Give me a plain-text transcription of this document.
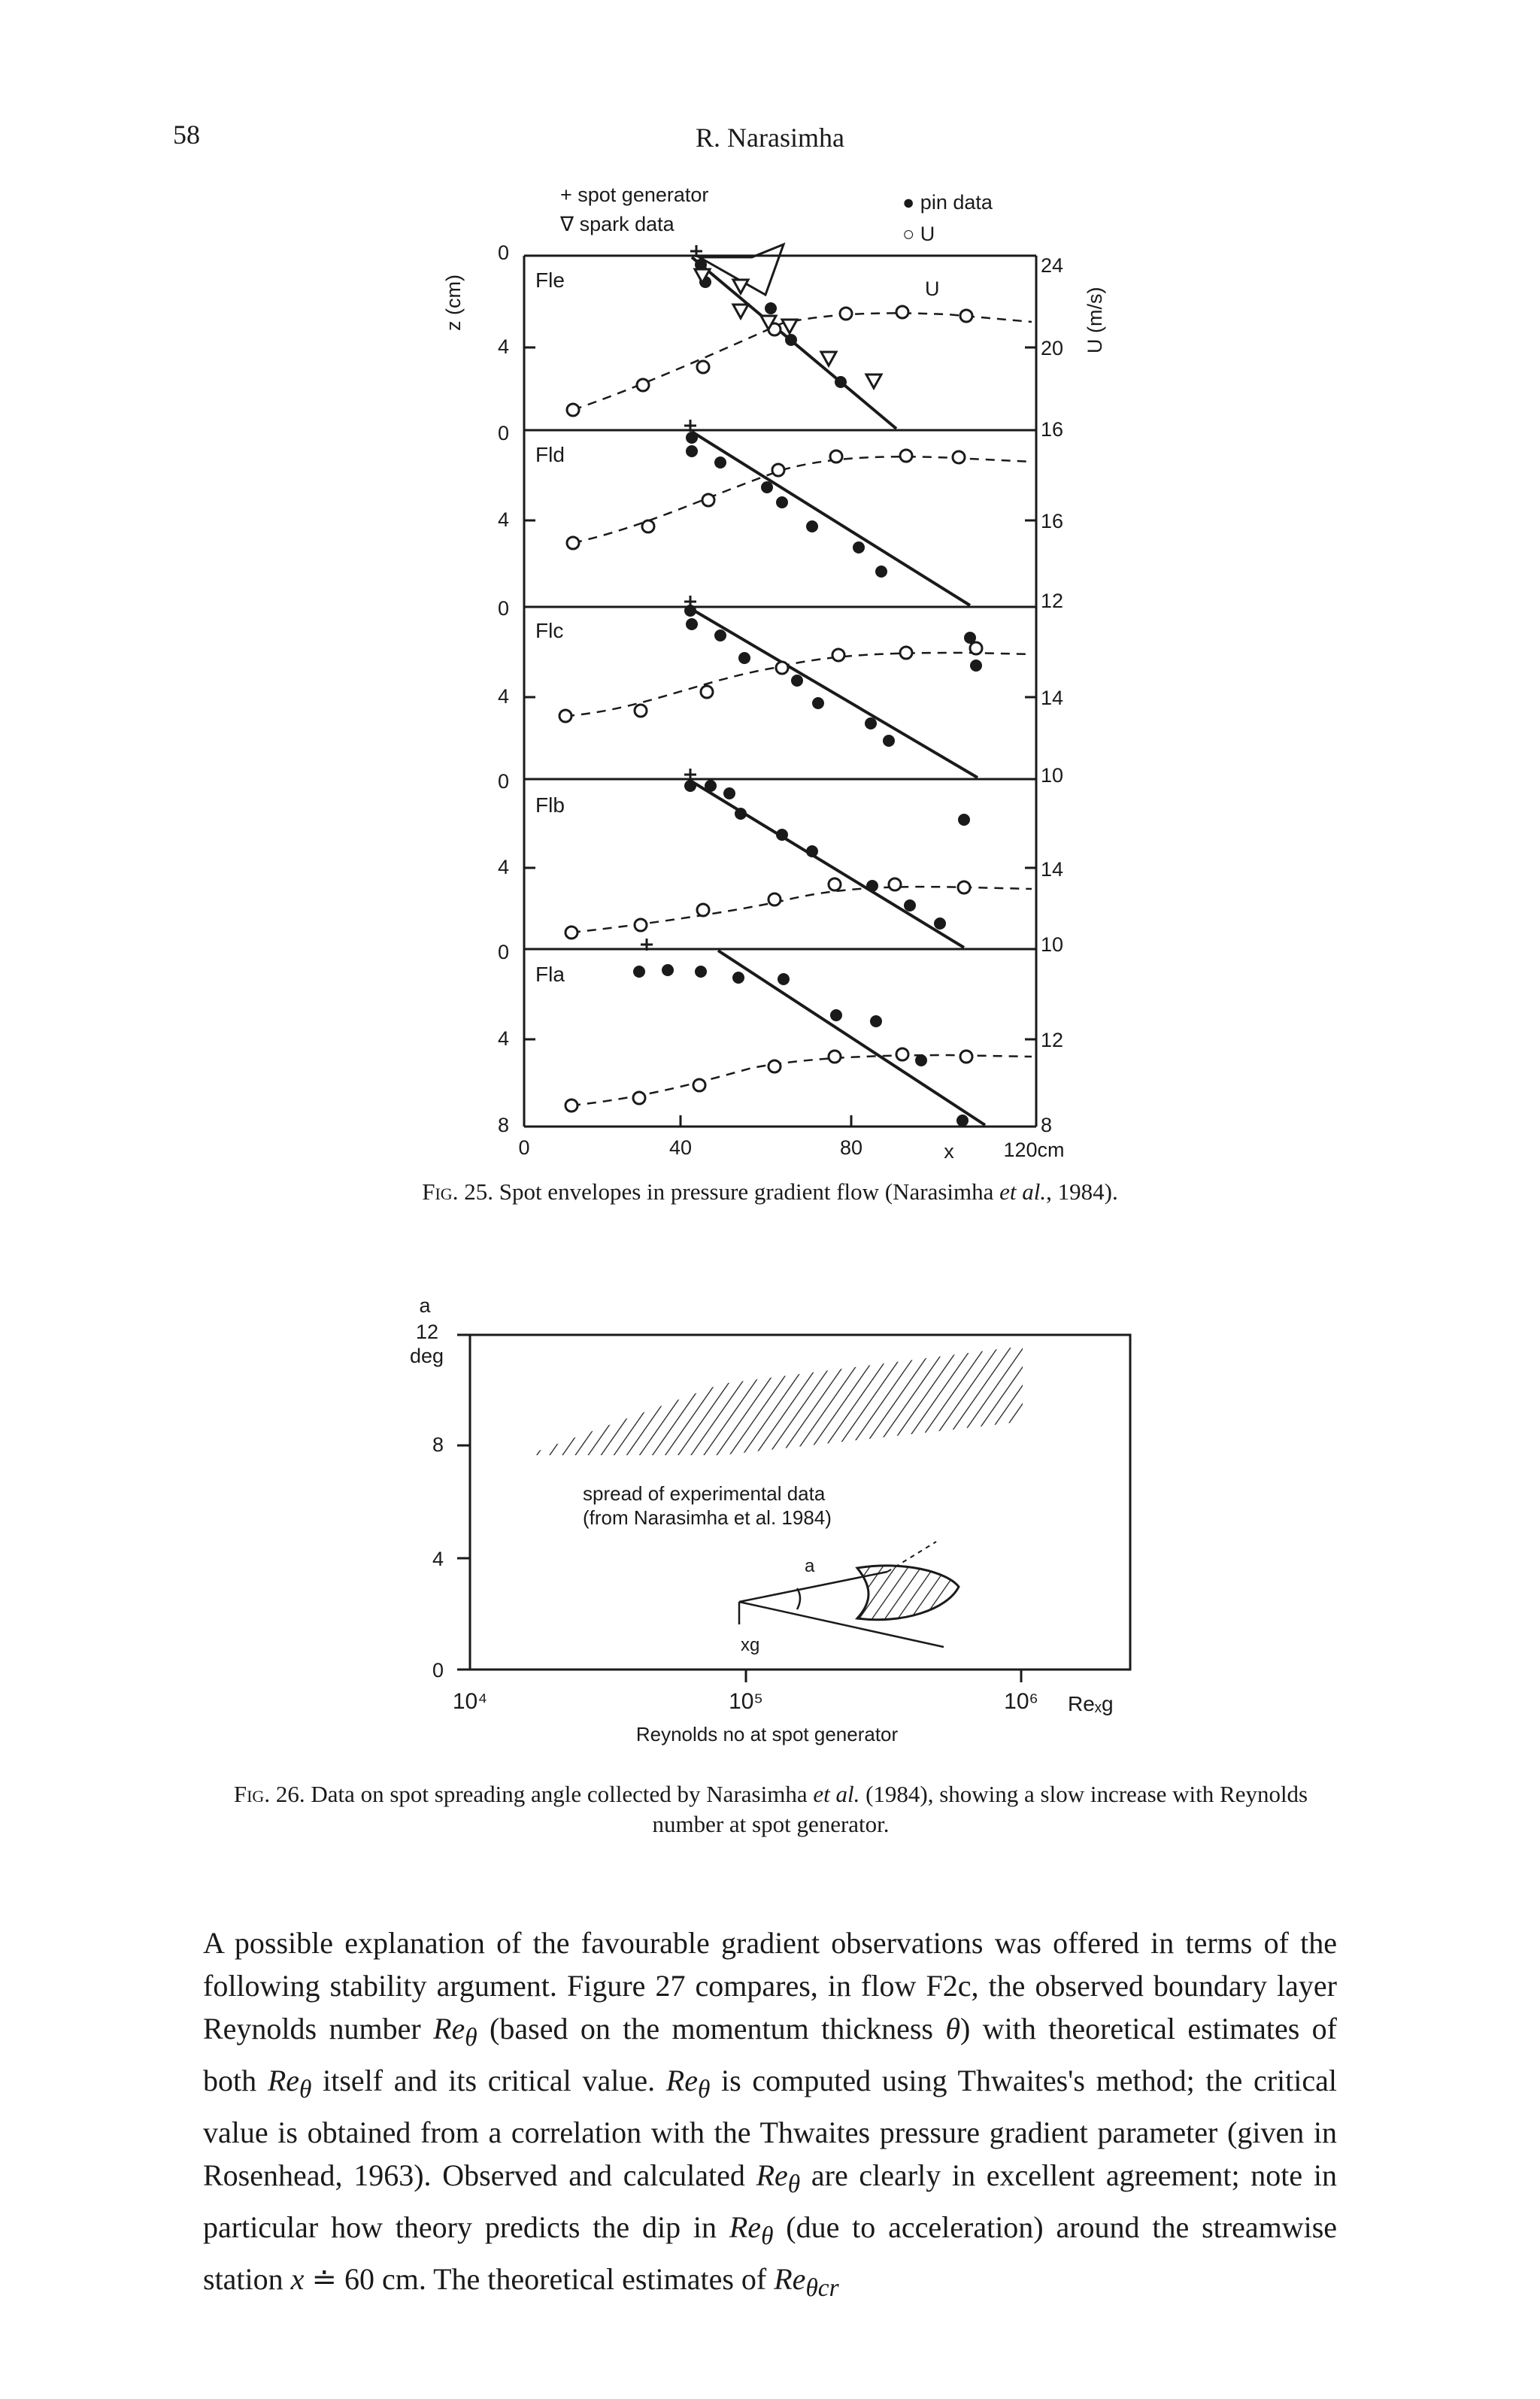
58	R. Narasimha
+ spot generator
∇ spark data
● pin data
○ U
z (cm)	U (m/s)
Fle
Fld
Flc
Flb
Fla
0
4
0
4
0
4
0
4
0
4
8
24
20
16
16
12
14
10
14
10
12
8
U
0	40	80	x 120cm
Fig. 25. Spot envelopes in pressure gradient flow (Narasimha et al., 1984).
a
12
deg
8
4
0
spread of experimental data
(from Narasimha et al. 1984)
a
xg
10⁴	10⁵	10⁶ Reₓg
Reynolds no at spot generator
Fig. 26. Data on spot spreading angle collected by Narasimha et al. (1984), showing a slow increase with Reynolds number at spot generator.

A possible explanation of the favourable gradient observations was offered in terms of the following stability argument. Figure 27 compares, in flow F2c, the observed boundary layer Reynolds number $Re_\theta$ (based on the momentum thickness θ) with theoretical estimates of both $Re_\theta$ itself and its critical value. $Re_\theta$ is computed using Thwaites's method; the critical value is obtained from a correlation with the Thwaites pressure gradient parameter (given in Rosenhead, 1963). Observed and calculated $Re_\theta$ are clearly in excellent agreement; note in particular how theory predicts the dip in $Re_\theta$ (due to acceleration) around the streamwise station x ≐ 60 cm. The theoretical estimates of $Re_{\theta cr}$
